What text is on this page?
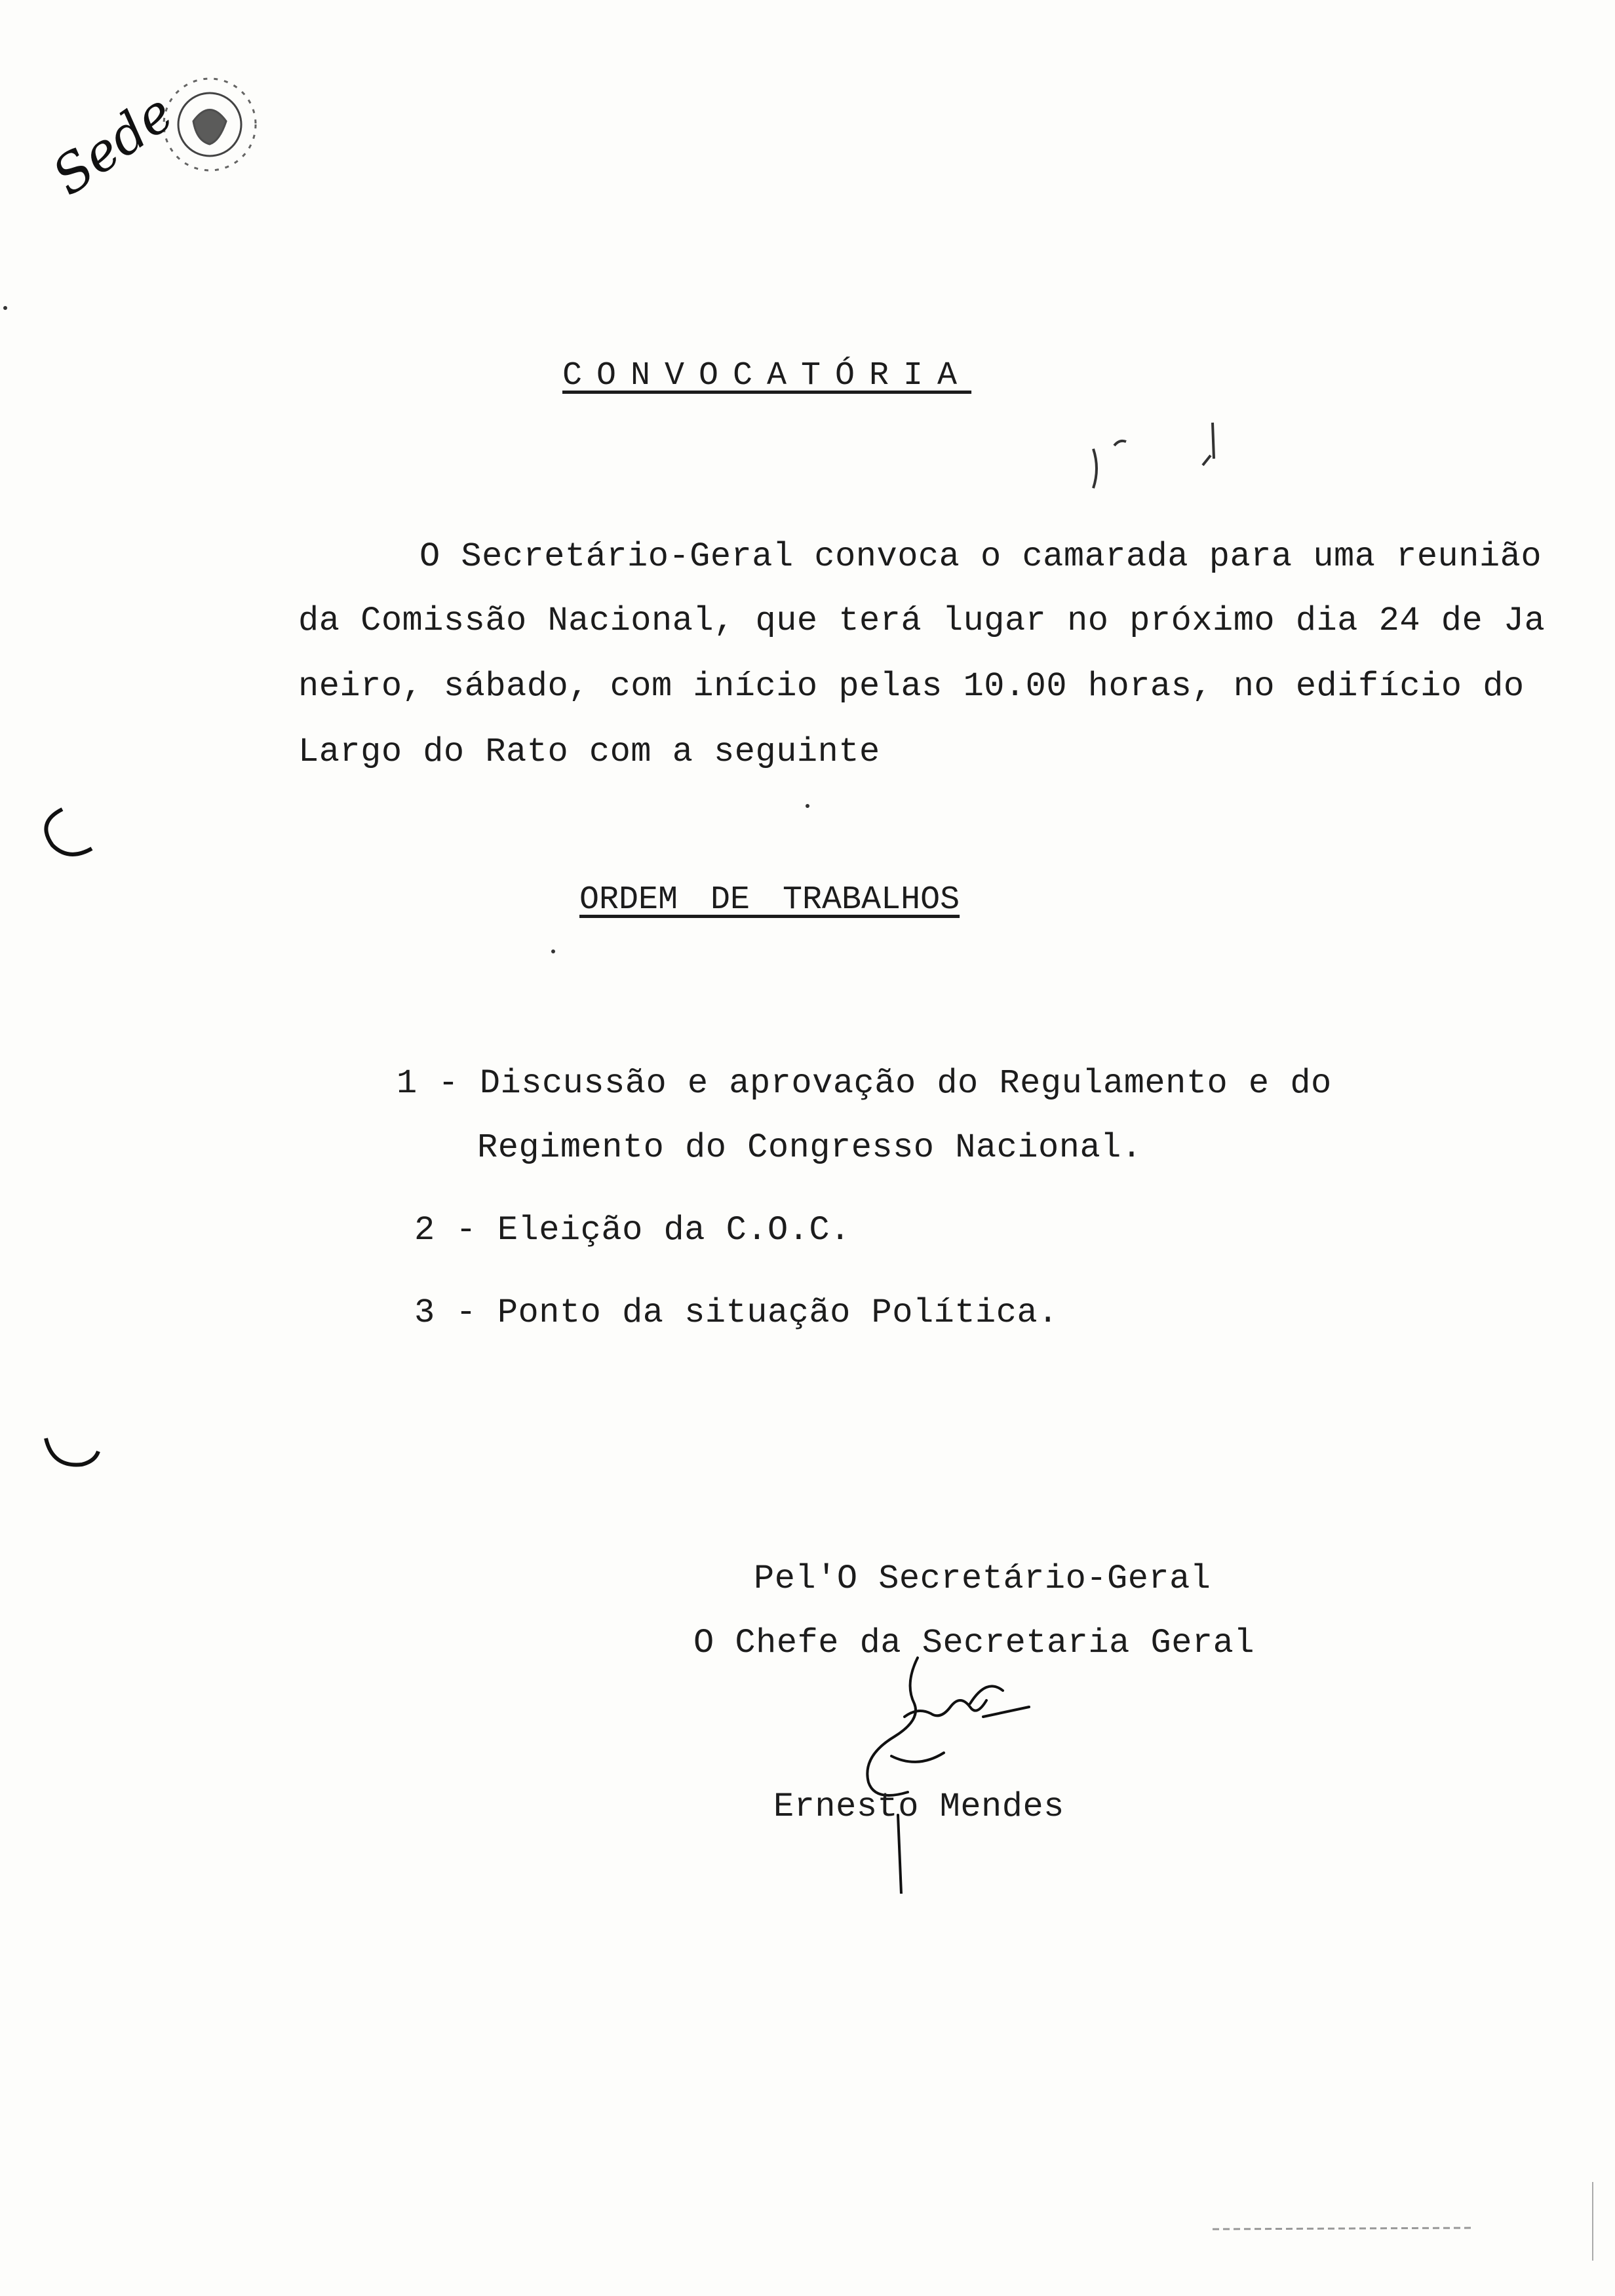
Sede
CONVOCATÓRIA
O Secretário-Geral convoca o camarada para uma reunião
da Comissão Nacional, que terá lugar no próximo dia 24 de Ja
neiro, sábado, com início pelas 10.00 horas, no edifício do
Largo do Rato com a seguinte
ORDEM DE TRABALHOS
1 - Discussão e aprovação do Regulamento e do
Regimento do Congresso Nacional.
2 - Eleição da C.O.C.
3 - Ponto da situação Política.
Pel'O Secretário-Geral
O Chefe da Secretaria Geral
Ernesto Mendes
